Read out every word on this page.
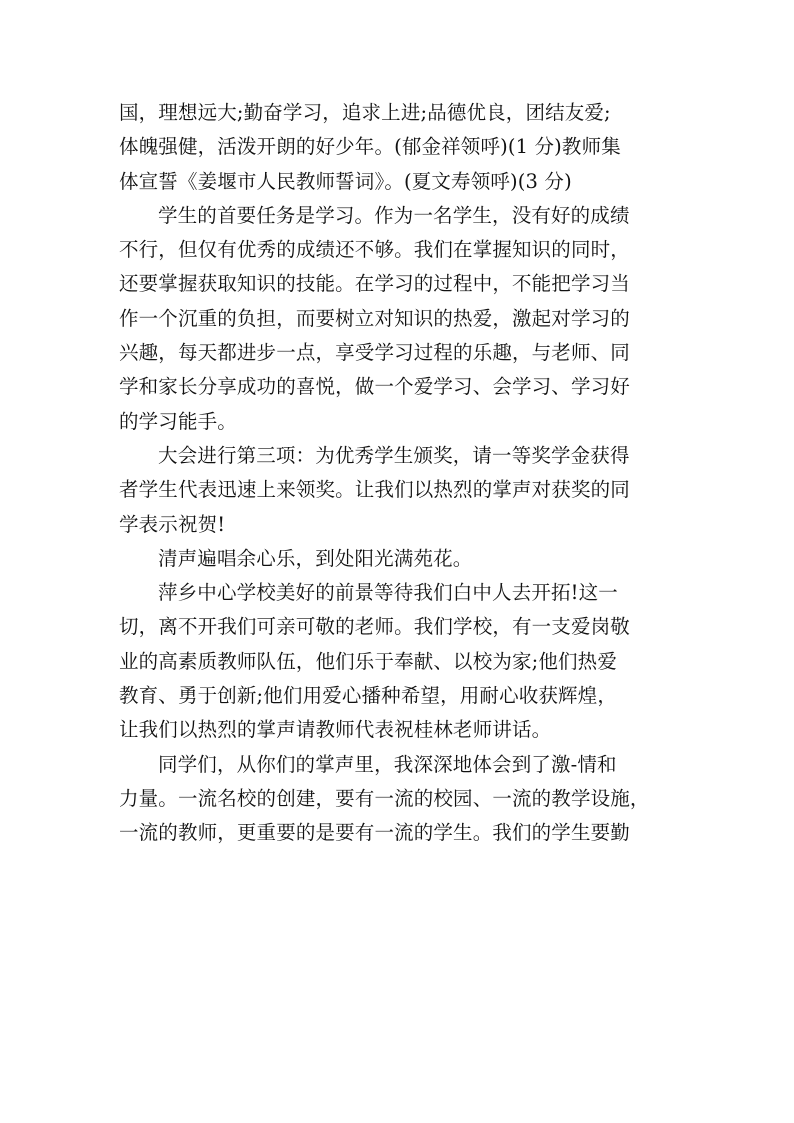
国，理想远大;勤奋学习，追求上进;品德优良，团结友爱;
体魄强健，活泼开朗的好少年。(郁金祥领呼)(1 分)教师集
体宣誓《姜堰市人民教师誓词》。(夏文寿领呼)(3 分)

学生的首要任务是学习。作为一名学生，没有好的成绩
不行，但仅有优秀的成绩还不够。我们在掌握知识的同时，
还要掌握获取知识的技能。在学习的过程中，不能把学习当
作一个沉重的负担，而要树立对知识的热爱，激起对学习的
兴趣，每天都进步一点，享受学习过程的乐趣，与老师、同
学和家长分享成功的喜悦，做一个爱学习、会学习、学习好
的学习能手。

大会进行第三项：为优秀学生颁奖，请一等奖学金获得
者学生代表迅速上来领奖。让我们以热烈的掌声对获奖的同
学表示祝贺!

清声遍唱余心乐，到处阳光满苑花。

萍乡中心学校美好的前景等待我们白中人去开拓!这一
切，离不开我们可亲可敬的老师。我们学校，有一支爱岗敬
业的高素质教师队伍，他们乐于奉献、以校为家;他们热爱
教育、勇于创新;他们用爱心播种希望，用耐心收获辉煌，
让我们以热烈的掌声请教师代表祝桂林老师讲话。

同学们，从你们的掌声里，我深深地体会到了激-情和
力量。一流名校的创建，要有一流的校园、一流的教学设施，
一流的教师，更重要的是要有一流的学生。我们的学生要勤
